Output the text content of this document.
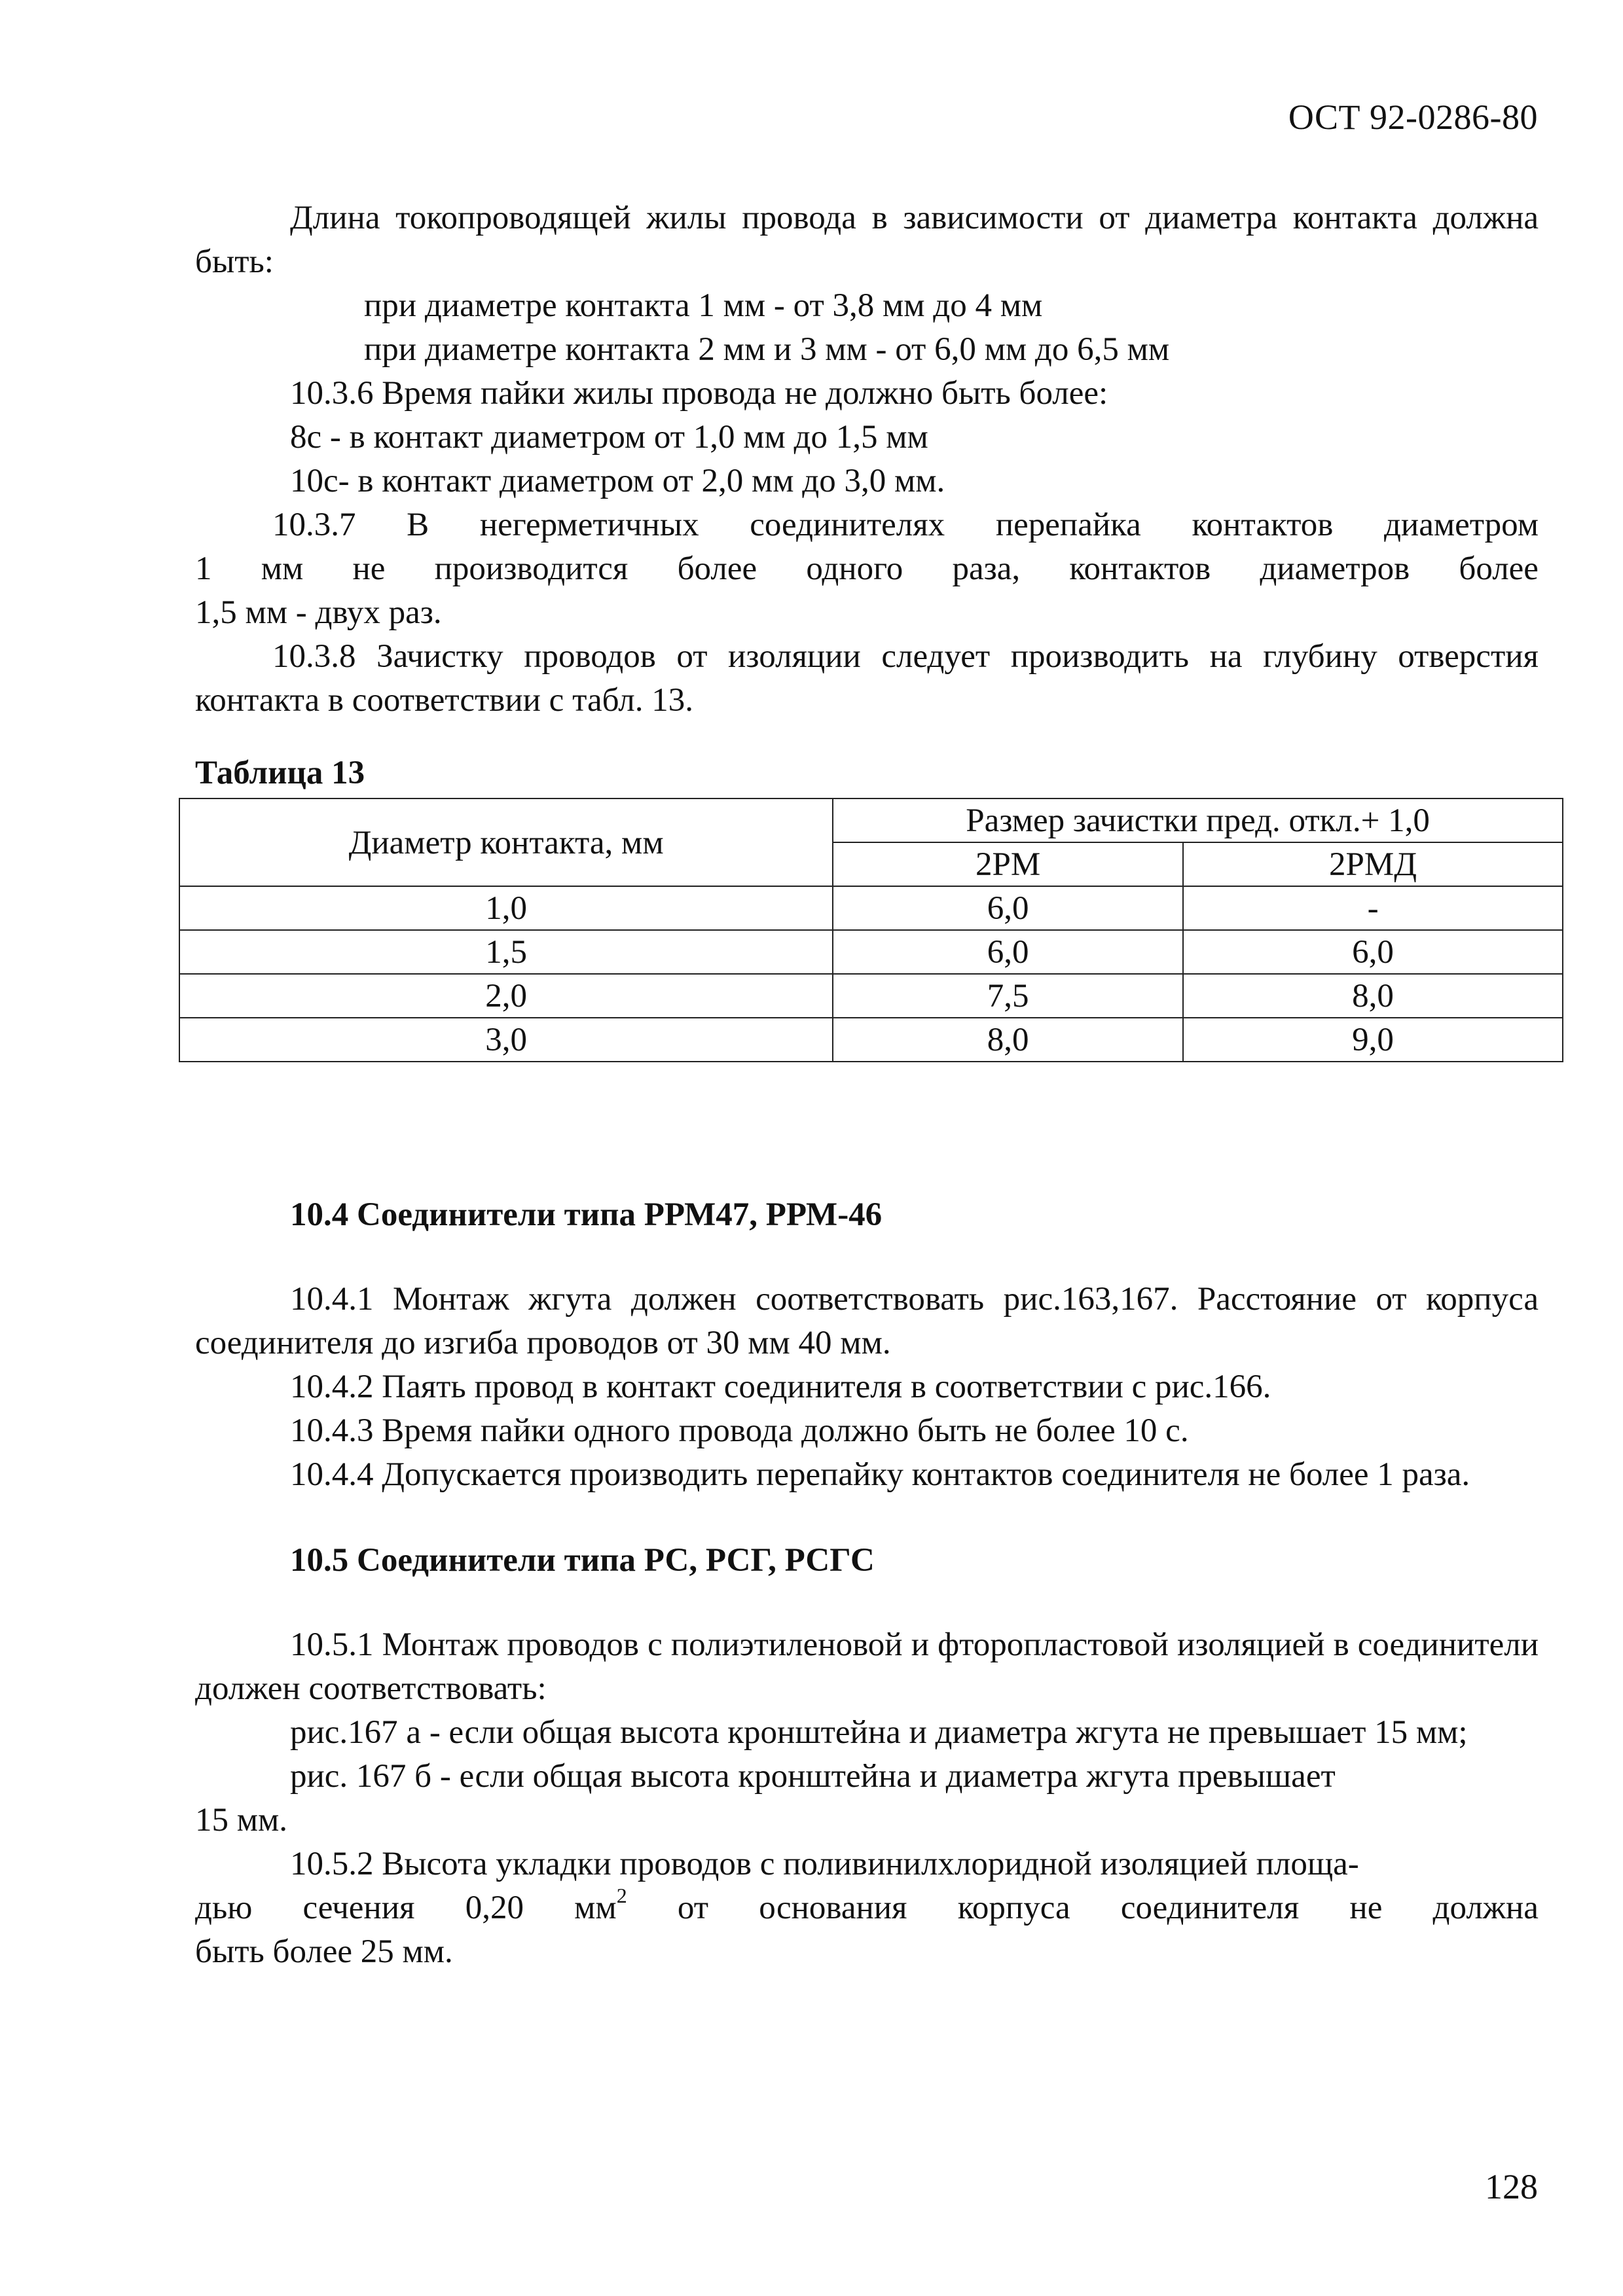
ОСТ 92-0286-80

Длина токопроводящей жилы провода в зависимости от диаметра контакта должна быть:

при диаметре контакта 1 мм - от 3,8 мм до 4 мм

при диаметре контакта 2 мм и 3 мм - от 6,0 мм до 6,5 мм

10.3.6 Время пайки жилы провода не должно быть более:

8с - в контакт диаметром от 1,0 мм до 1,5 мм

10с- в контакт диаметром от 2,0 мм до 3,0 мм.

10.3.7 В негерметичных соединителях перепайка контактов диаметром
1 мм не производится более одного раза, контактов диаметров более

1,5 мм - двух раз.

10.3.8 Зачистку проводов от изоляции следует производить на глубину отверстия контакта в соответствии с табл. 13.

Таблица 13
Диаметр контакта, мм	Размер зачистки пред. откл.+ 1,0	
	2РМ	2РМД
1,0	6,0	-
1,5	6,0	6,0
2,0	7,5	8,0
3,0	8,0	9,0
10.4 Соединители типа РРМ47, РРМ-46

10.4.1 Монтаж жгута должен соответствовать рис.163,167. Расстояние от корпуса соединителя до изгиба проводов от 30 мм 40 мм.

10.4.2 Паять провод в контакт соединителя в соответствии с рис.166.

10.4.3 Время пайки одного провода должно быть не более 10 с.

10.4.4 Допускается производить перепайку контактов соединителя не более 1 раза.

10.5 Соединители типа РС, РСГ, РСГС

10.5.1 Монтаж проводов с полиэтиленовой и фторопластовой изоляцией в соединители должен соответствовать:

рис.167 а - если общая высота кронштейна и диаметра жгута не превышает 15 мм;

рис. 167 б - если общая высота кронштейна и диаметра жгута превышает

15 мм.

10.5.2 Высота укладки проводов с поливинилхлоридной изоляцией площа-

дью сечения 0,20 $мм^2$ от основания корпуса соединителя не должна

быть более 25 мм.

128
